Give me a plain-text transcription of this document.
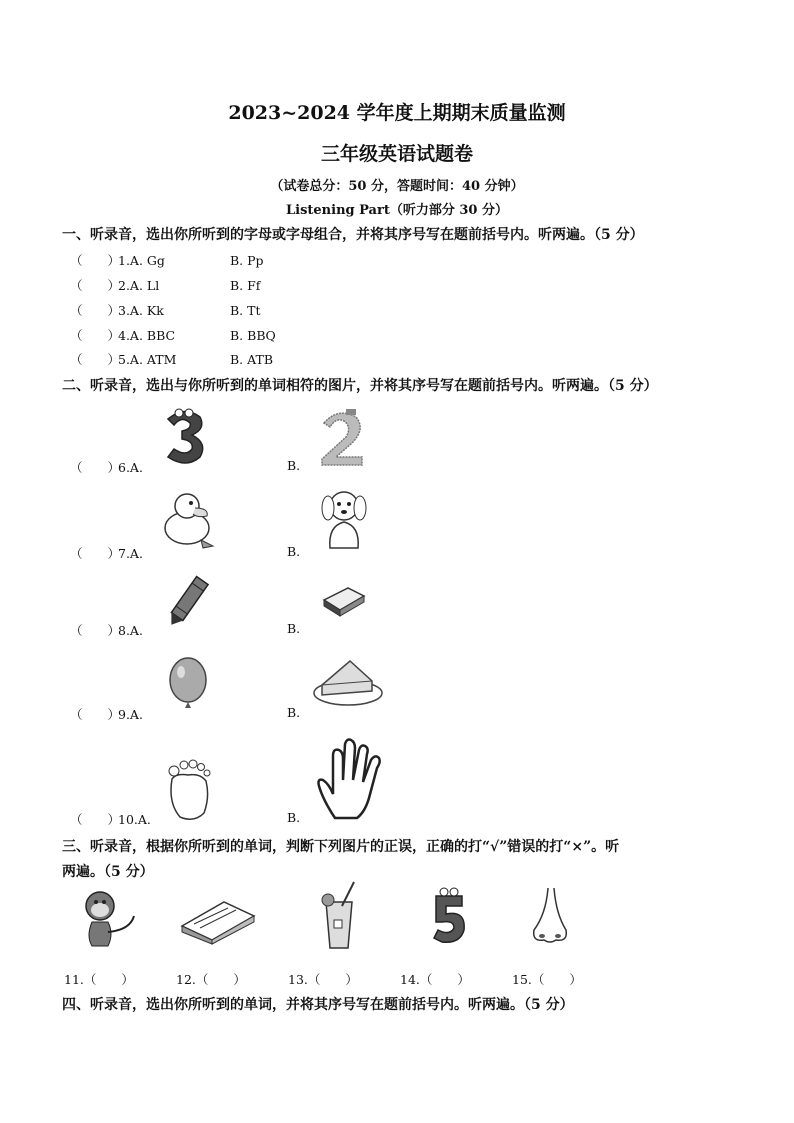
2023~2024 学年度上期期末质量监测
三年级英语试题卷
（试卷总分：50 分，答题时间：40 分钟）
Listening Part（听力部分 30 分）
一、听录音，选出你所听到的字母或字母组合，并将其序号写在题前括号内。听两遍。（5 分）
（　　）1.A. Gg	B. Pp
（　　）2.A. Ll	B. Ff
（　　）3.A. Kk	B. Tt
（　　）4.A. BBC	B. BBQ
（　　）5.A. ATM	B. ATB
二、听录音，选出与你所听到的单词相符的图片，并将其序号写在题前括号内。听两遍。（5 分）
（　　）6.A.	B.
（　　）7.A.	B.
（　　）8.A.	B.
（　　）9.A.	B.
（　　）10.A.	B.
三、听录音，根据你所听到的单词，判断下列图片的正误，正确的打“√”错误的打“×”。听
两遍。（5 分）
11.（　　）	12.（　　）	13.（　　）	14.（　　）	15.（　　）
四、听录音，选出你所听到的单词，并将其序号写在题前括号内。听两遍。（5 分）
